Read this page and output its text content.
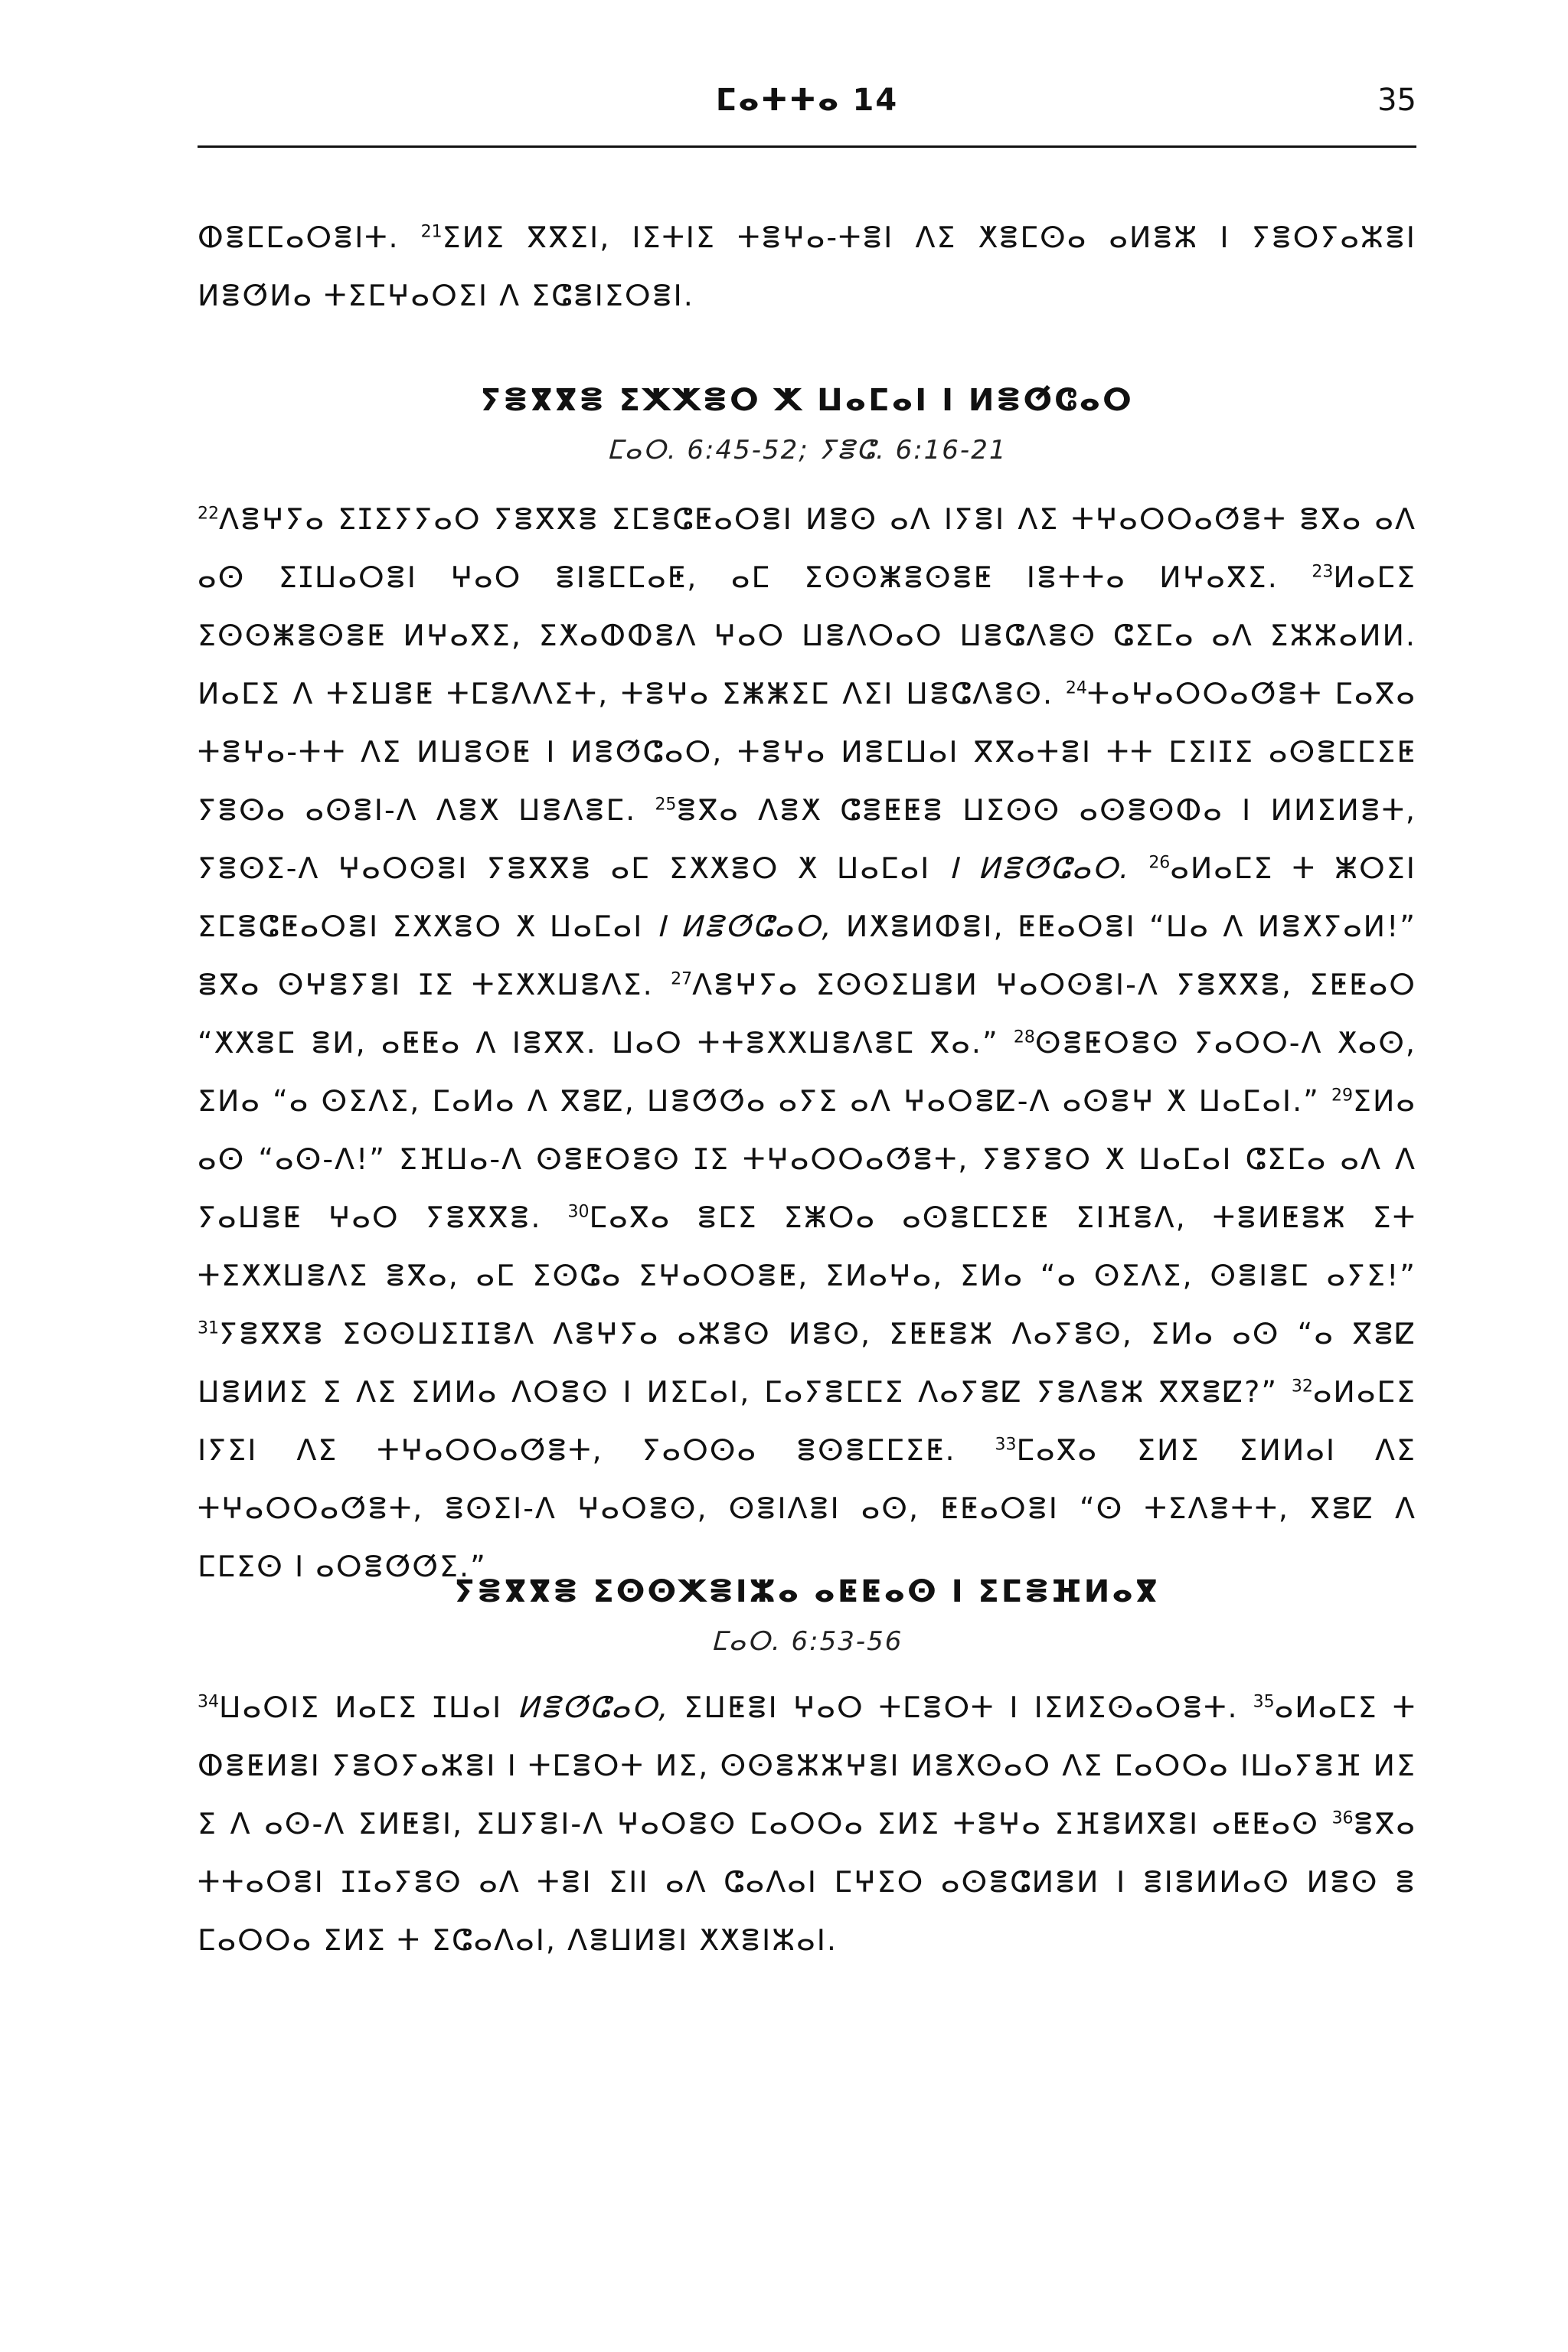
ⵎⴰⵜⵜⴰ 14	35
ⵀⴻⵎⵎⴰⵔⴻⵏⵜ. $^{21}$ⵉⵍⵉ ⴳⴳⵉⵏ, ⵏⵉⵜⵏⵉ ⵜⴻⵖⴰ-ⵜⴻⵏ ⴷⵉ ⵅⴻⵎⵙⴰ ⴰⵍⴻⵣ ⵏ ⵢⴻⵔⵢⴰⵣⴻⵏ ⵍⴻⵚⵍⴰ ⵜⵉⵎⵖⴰⵔⵉⵏ ⴷ ⵉⵛⴻⵏⵉⵔⴻⵏ.
ⵢⴻⴳⴳⴻ ⵉⵅⵅⴻⵔ ⵅ ⵡⴰⵎⴰⵏ ⵏ ⵍⴻⵚⵛⴰⵔ
ⵎⴰⵔ. 6:45-52; ⵢⴻⵛ. 6:16-21
$^{22}$ⴷⴻⵖⵢⴰ ⵉⵊⵉⵢⵢⴰⵔ ⵢⴻⴳⴳⴻ ⵉⵎⴻⵛⵟⴰⵔⴻⵏ ⵍⴻⵙ ⴰⴷ ⵏⵢⴻⵏ ⴷⵉ ⵜⵖⴰⵔⵔⴰⵚⴻⵜ ⴻⴳⴰ ⴰⴷ ⴰⵙ ⵉⵊⵡⴰⵔⴻⵏ ⵖⴰⵔ ⴻⵏⴻⵎⵎⴰⵟ, ⴰⵎ ⵉⵙⵙⵥⴻⵙⴻⵟ ⵏⴻⵜⵜⴰ ⵍⵖⴰⴳⵉ. $^{23}$ⵍⴰⵎⵉ ⵉⵙⵙⵥⴻⵙⴻⵟ ⵍⵖⴰⴳⵉ, ⵉⵅⴰⵀⵀⴻⴷ ⵖⴰⵔ ⵡⴻⴷⵔⴰⵔ ⵡⴻⵛⴷⴻⵙ ⵛⵉⵎⴰ ⴰⴷ ⵉⵣⵣⴰⵍⵍ. ⵍⴰⵎⵉ ⴷ ⵜⵉⵡⴻⵟ ⵜⵎⴻⴷⴷⵉⵜ, ⵜⴻⵖⴰ ⵉⵥⵥⵉⵎ ⴷⵉⵏ ⵡⴻⵛⴷⴻⵙ. $^{24}$ⵜⴰⵖⴰⵔⵔⴰⵚⴻⵜ ⵎⴰⴳⴰ ⵜⴻⵖⴰ-ⵜⵜ ⴷⵉ ⵍⵡⴻⵙⵟ ⵏ ⵍⴻⵚⵛⴰⵔ, ⵜⴻⵖⴰ ⵍⴻⵎⵡⴰⵏ ⴳⴳⴰⵜⴻⵏ ⵜⵜ ⵎⵉⵏⵊⵉ ⴰⵙⴻⵎⵎⵉⵟ ⵢⴻⵙⴰ ⴰⵙⴻⵏ-ⴷ ⴷⴻⵅ ⵡⴻⴷⴻⵎ. $^{25}$ⴻⴳⴰ ⴷⴻⵅ ⵛⴻⵟⵟⴻ ⵡⵉⵙⵙ ⴰⵙⴻⵙⵀⴰ ⵏ ⵍⵍⵉⵍⴻⵜ, ⵢⴻⵙⵉ-ⴷ ⵖⴰⵔⵙⴻⵏ ⵢⴻⴳⴳⴻ ⴰⵎ ⵉⵅⵅⴻⵔ ⵅ ⵡⴰⵎⴰⵏ ⵏ ⵍⴻⵚⵛⴰⵔ. $^{26}$ⴰⵍⴰⵎⵉ ⵜ ⵥⵔⵉⵏ ⵉⵎⴻⵛⵟⴰⵔⴻⵏ ⵉⵅⵅⴻⵔ ⵅ ⵡⴰⵎⴰⵏ ⵏ ⵍⴻⵚⵛⴰⵔ, ⵍⵅⴻⵍⵀⴻⵏ, ⵟⵟⴰⵔⴻⵏ “ⵡⴰ ⴷ ⵍⴻⵅⵢⴰⵍ!” ⴻⴳⴰ ⵙⵖⴻⵢⴻⵏ ⵊⵉ ⵜⵉⵅⵅⵡⴻⴷⵉ. $^{27}$ⴷⴻⵖⵢⴰ ⵉⵙⵙⵉⵡⴻⵍ ⵖⴰⵔⵙⴻⵏ-ⴷ ⵢⴻⴳⴳⴻ, ⵉⵟⵟⴰⵔ “ⵅⵅⴻⵎ ⴻⵍ, ⴰⵟⵟⴰ ⴷ ⵏⴻⴳⴳ. ⵡⴰⵔ ⵜⵜⴻⵅⵅⵡⴻⴷⴻⵎ ⴳⴰ.” $^{28}$ⵙⴻⵟⵔⴻⵙ ⵢⴰⵔⵔ-ⴷ ⵅⴰⵙ, ⵉⵍⴰ “ⴰ ⵙⵉⴷⵉ, ⵎⴰⵍⴰ ⴷ ⴳⴻⵇ, ⵡⴻⵚⵚⴰ ⴰⵢⵉ ⴰⴷ ⵖⴰⵔⴻⵇ-ⴷ ⴰⵙⴻⵖ ⵅ ⵡⴰⵎⴰⵏ.” $^{29}$ⵉⵍⴰ ⴰⵙ “ⴰⵙ-ⴷ!” ⵉⴼⵡⴰ-ⴷ ⵙⴻⵟⵔⴻⵙ ⵊⵉ ⵜⵖⴰⵔⵔⴰⵚⴻⵜ, ⵢⴻⵢⴻⵔ ⵅ ⵡⴰⵎⴰⵏ ⵛⵉⵎⴰ ⴰⴷ ⴷ ⵢⴰⵡⴻⵟ ⵖⴰⵔ ⵢⴻⴳⴳⴻ. $^{30}$ⵎⴰⴳⴰ ⴻⵎⵉ ⵉⵥⵔⴰ ⴰⵙⴻⵎⵎⵉⵟ ⵉⵏⴼⴻⴷ, ⵜⴻⵍⵟⴻⵣ ⵉⵜ ⵜⵉⵅⵅⵡⴻⴷⵉ ⴻⴳⴰ, ⴰⵎ ⵉⵙⵛⴰ ⵉⵖⴰⵔⵔⴻⵟ, ⵉⵍⴰⵖⴰ, ⵉⵍⴰ “ⴰ ⵙⵉⴷⵉ, ⵙⴻⵏⴻⵎ ⴰⵢⵉ!” $^{31}$ⵢⴻⴳⴳⴻ ⵉⵙⵙⵡⵉⵊⵊⴻⴷ ⴷⴻⵖⵢⴰ ⴰⵣⴻⵙ ⵍⴻⵙ, ⵉⵟⵟⴻⵣ ⴷⴰⵢⴻⵙ, ⵉⵍⴰ ⴰⵙ “ⴰ ⴳⴻⵇ ⵡⴻⵍⵍⵉ ⵉ ⴷⵉ ⵉⵍⵍⴰ ⴷⵔⴻⵙ ⵏ ⵍⵉⵎⴰⵏ, ⵎⴰⵢⴻⵎⵎⵉ ⴷⴰⵢⴻⵇ ⵢⴻⴷⴻⵣ ⴳⴳⴻⵇ?” $^{32}$ⴰⵍⴰⵎⵉ ⵏⵢⵉⵏ ⴷⵉ ⵜⵖⴰⵔⵔⴰⵚⴻⵜ, ⵢⴰⵔⵙⴰ ⴻⵙⴻⵎⵎⵉⵟ. $^{33}$ⵎⴰⴳⴰ ⵉⵍⵉ ⵉⵍⵍⴰⵏ ⴷⵉ ⵜⵖⴰⵔⵔⴰⵚⴻⵜ, ⴻⵙⵉⵏ-ⴷ ⵖⴰⵔⴻⵙ, ⵙⴻⵏⴷⴻⵏ ⴰⵙ, ⵟⵟⴰⵔⴻⵏ “ⵙ ⵜⵉⴷⴻⵜⵜ, ⴳⴻⵇ ⴷ ⵎⵎⵉⵙ ⵏ ⴰⵔⴻⵚⵚⵉ.”
ⵢⴻⴳⴳⴻ ⵉⵙⵙⵅⴻⵏⵣⴰ ⴰⵟⵟⴰⵙ ⵏ ⵉⵎⴻⴼⵍⴰⴳ
ⵎⴰⵔ. 6:53-56
$^{34}$ⵡⴰⵔⵏⵉ ⵍⴰⵎⵉ ⵊⵡⴰⵏ ⵍⴻⵚⵛⴰⵔ, ⵉⵡⵟⴻⵏ ⵖⴰⵔ ⵜⵎⴻⵔⵜ ⵏ ⵏⵉⵍⵉⵙⴰⵔⴻⵜ. $^{35}$ⴰⵍⴰⵎⵉ ⵜ ⵀⴻⵟⵍⴻⵏ ⵢⴻⵔⵢⴰⵣⴻⵏ ⵏ ⵜⵎⴻⵔⵜ ⵍⵉ, ⵙⵙⴻⵣⵣⵖⴻⵏ ⵍⴻⵅⵙⴰⵔ ⴷⵉ ⵎⴰⵔⵔⴰ ⵏⵡⴰⵢⴻⴼ ⵍⵉ ⵉ ⴷ ⴰⵙ-ⴷ ⵉⵍⵟⴻⵏ, ⵉⵡⵢⴻⵏ-ⴷ ⵖⴰⵔⴻⵙ ⵎⴰⵔⵔⴰ ⵉⵍⵉ ⵜⴻⵖⴰ ⵉⴼⴻⵍⴳⴻⵏ ⴰⵟⵟⴰⵙ $^{36}$ⴻⴳⴰ ⵜⵜⴰⵔⴻⵏ ⵊⵊⴰⵢⴻⵙ ⴰⴷ ⵜⴻⵏ ⵉⵏⵏ ⴰⴷ ⵛⴰⴷⴰⵏ ⵎⵖⵉⵔ ⴰⵙⴻⵛⵍⴻⵍ ⵏ ⴻⵏⴻⵍⵍⴰⵙ ⵍⴻⵙ ⴻ ⵎⴰⵔⵔⴰ ⵉⵍⵉ ⵜ ⵉⵛⴰⴷⴰⵏ, ⴷⴻⵡⵍⴻⵏ ⵅⵅⴻⵏⵣⴰⵏ.
